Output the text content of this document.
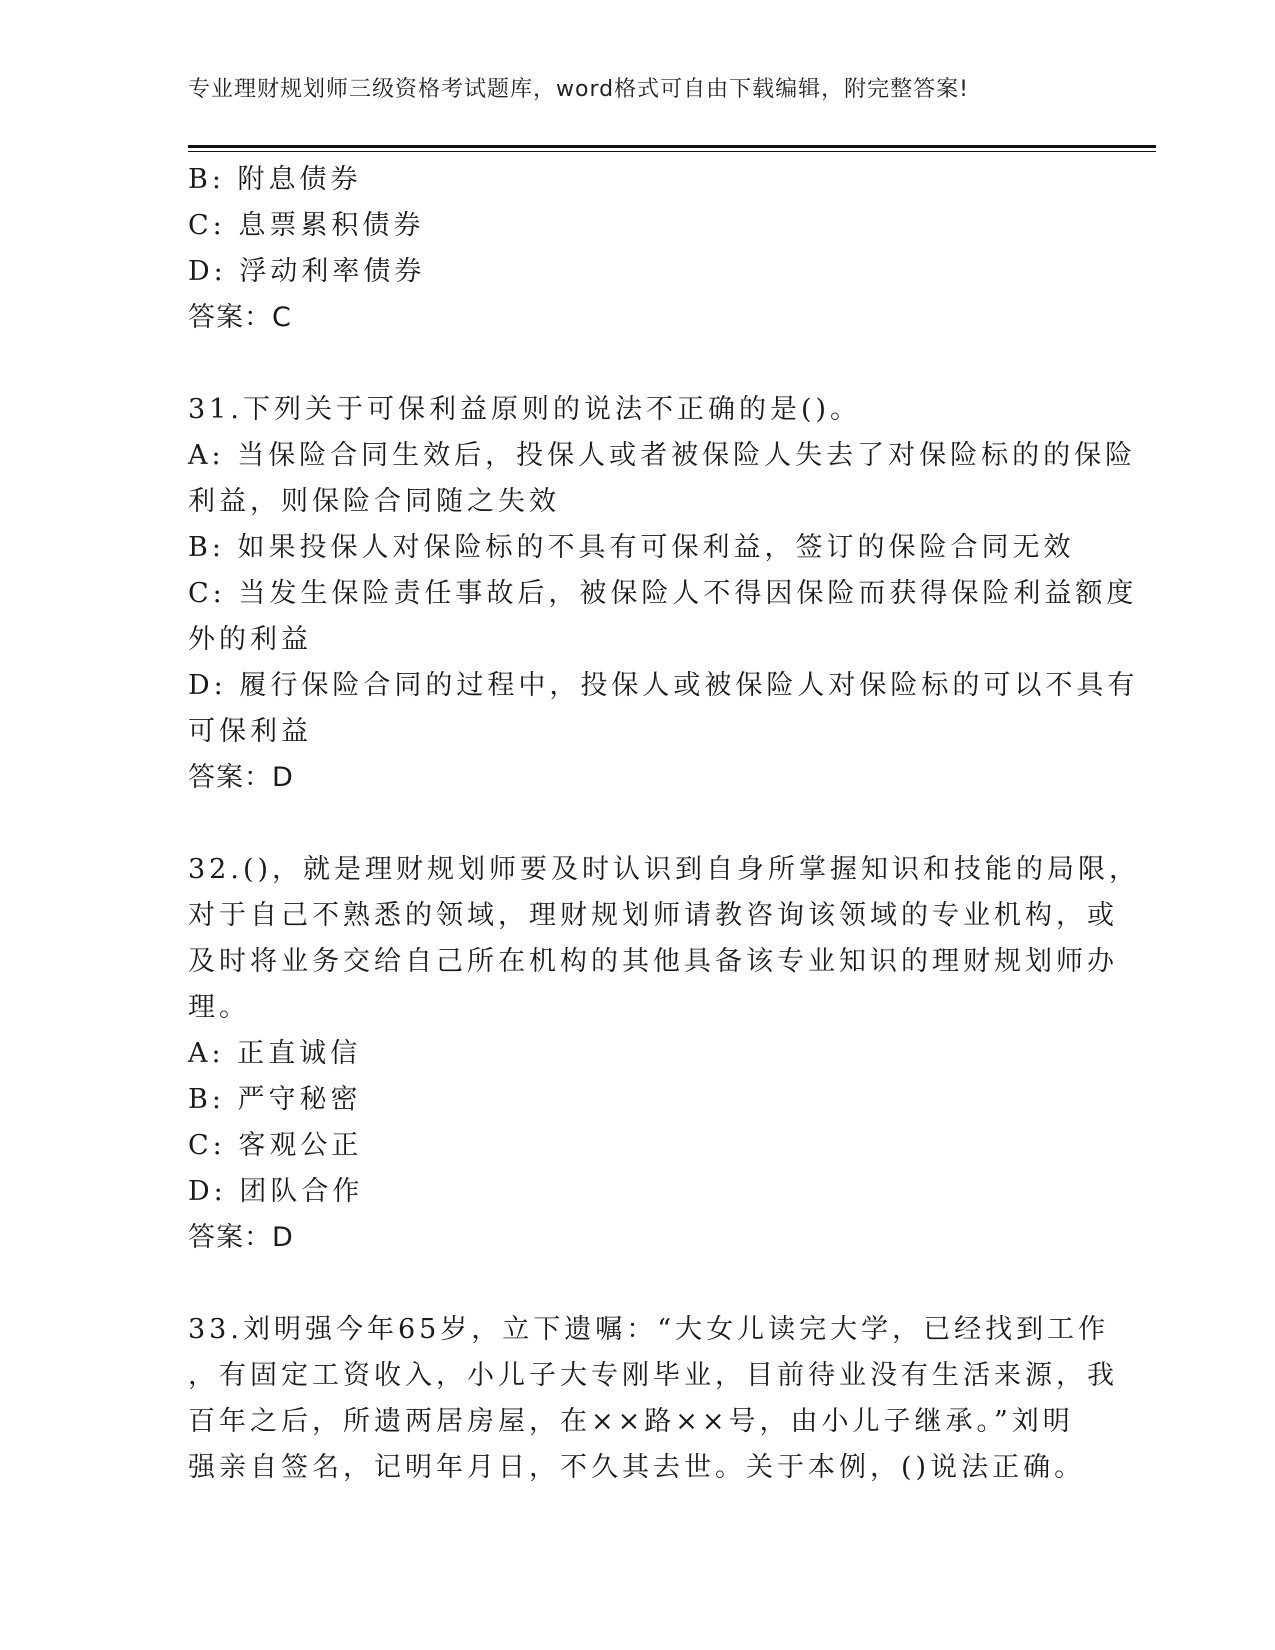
专业理财规划师三级资格考试题库，word格式可自由下载编辑，附完整答案!
B: 附息债券
C: 息票累积债券
D: 浮动利率债券
答案：C
31.下列关于可保利益原则的说法不正确的是()。
A: 当保险合同生效后，投保人或者被保险人失去了对保险标的的保险
利益，则保险合同随之失效
B: 如果投保人对保险标的不具有可保利益，签订的保险合同无效
C: 当发生保险责任事故后，被保险人不得因保险而获得保险利益额度
外的利益
D: 履行保险合同的过程中，投保人或被保险人对保险标的可以不具有
可保利益
答案：D
32.()，就是理财规划师要及时认识到自身所掌握知识和技能的局限，
对于自己不熟悉的领域，理财规划师请教咨询该领域的专业机构，或
及时将业务交给自己所在机构的其他具备该专业知识的理财规划师办
理。
A: 正直诚信
B: 严守秘密
C: 客观公正
D: 团队合作
答案：D
33.刘明强今年65岁，立下遗嘱：“大女儿读完大学，已经找到工作
，有固定工资收入，小儿子大专刚毕业，目前待业没有生活来源，我
百年之后，所遗两居房屋，在××路××号，由小儿子继承。”刘明
强亲自签名，记明年月日，不久其去世。关于本例，()说法正确。
